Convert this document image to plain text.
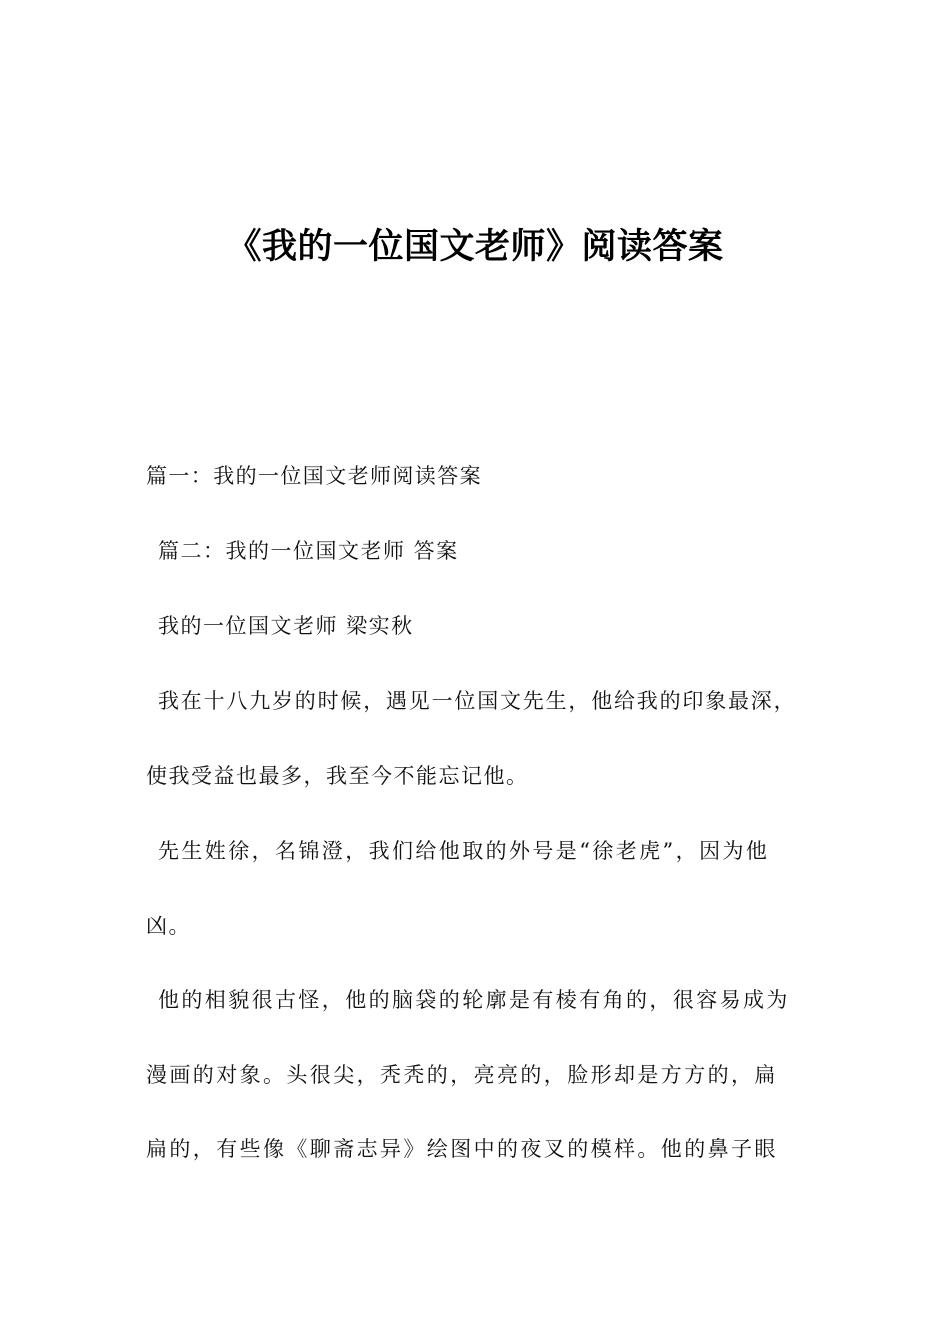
《我的一位国文老师》阅读答案
篇一：我的一位国文老师阅读答案
篇二：我的一位国文老师 答案
我的一位国文老师 梁实秋
我在十八九岁的时候，遇见一位国文先生，他给我的印象最深，
使我受益也最多，我至今不能忘记他。
先生姓徐，名锦澄，我们给他取的外号是“徐老虎”，因为他
凶。
他的相貌很古怪，他的脑袋的轮廓是有棱有角的，很容易成为
漫画的对象。头很尖，秃秃的，亮亮的，脸形却是方方的，扁
扁的，有些像《聊斋志异》绘图中的夜叉的模样。他的鼻子眼
